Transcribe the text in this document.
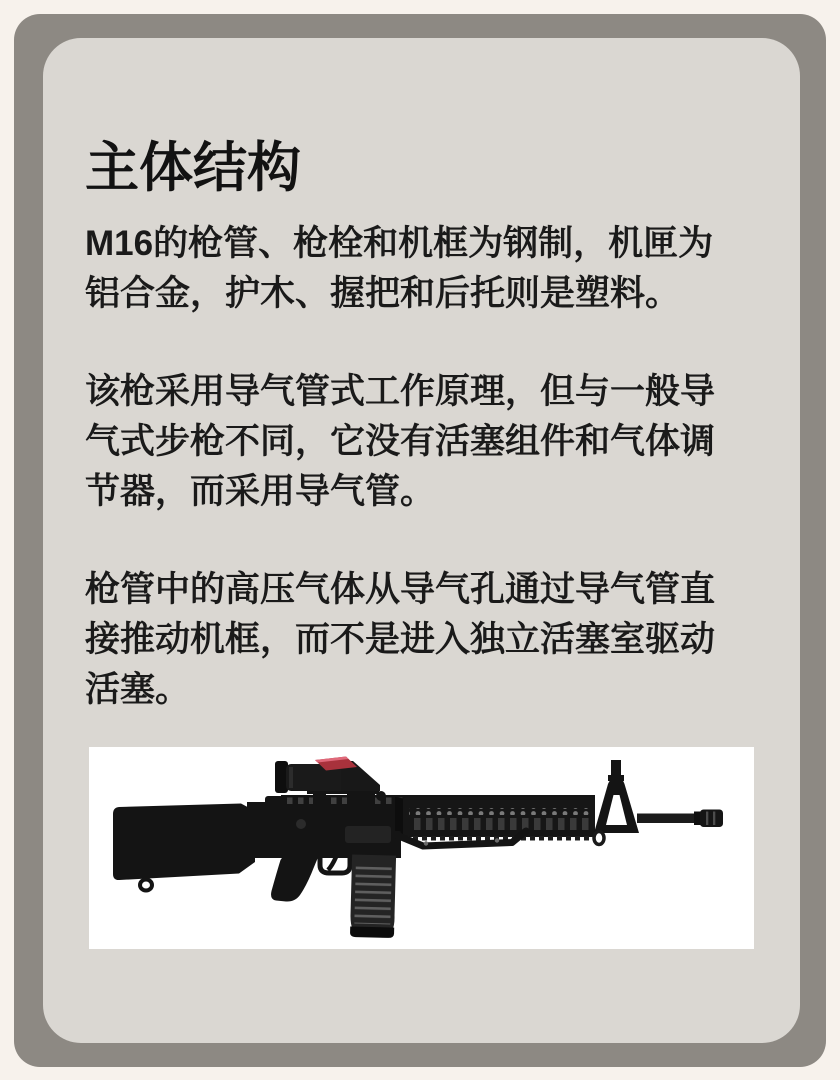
主体结构

M16的枪管、枪栓和机框为钢制，机匣为
铝合金，护木、握把和后托则是塑料。

该枪采用导气管式工作原理，但与一般导
气式步枪不同，它没有活塞组件和气体调
节器，而采用导气管。

枪管中的高压气体从导气孔通过导气管直
接推动机框，而不是进入独立活塞室驱动
活塞。
